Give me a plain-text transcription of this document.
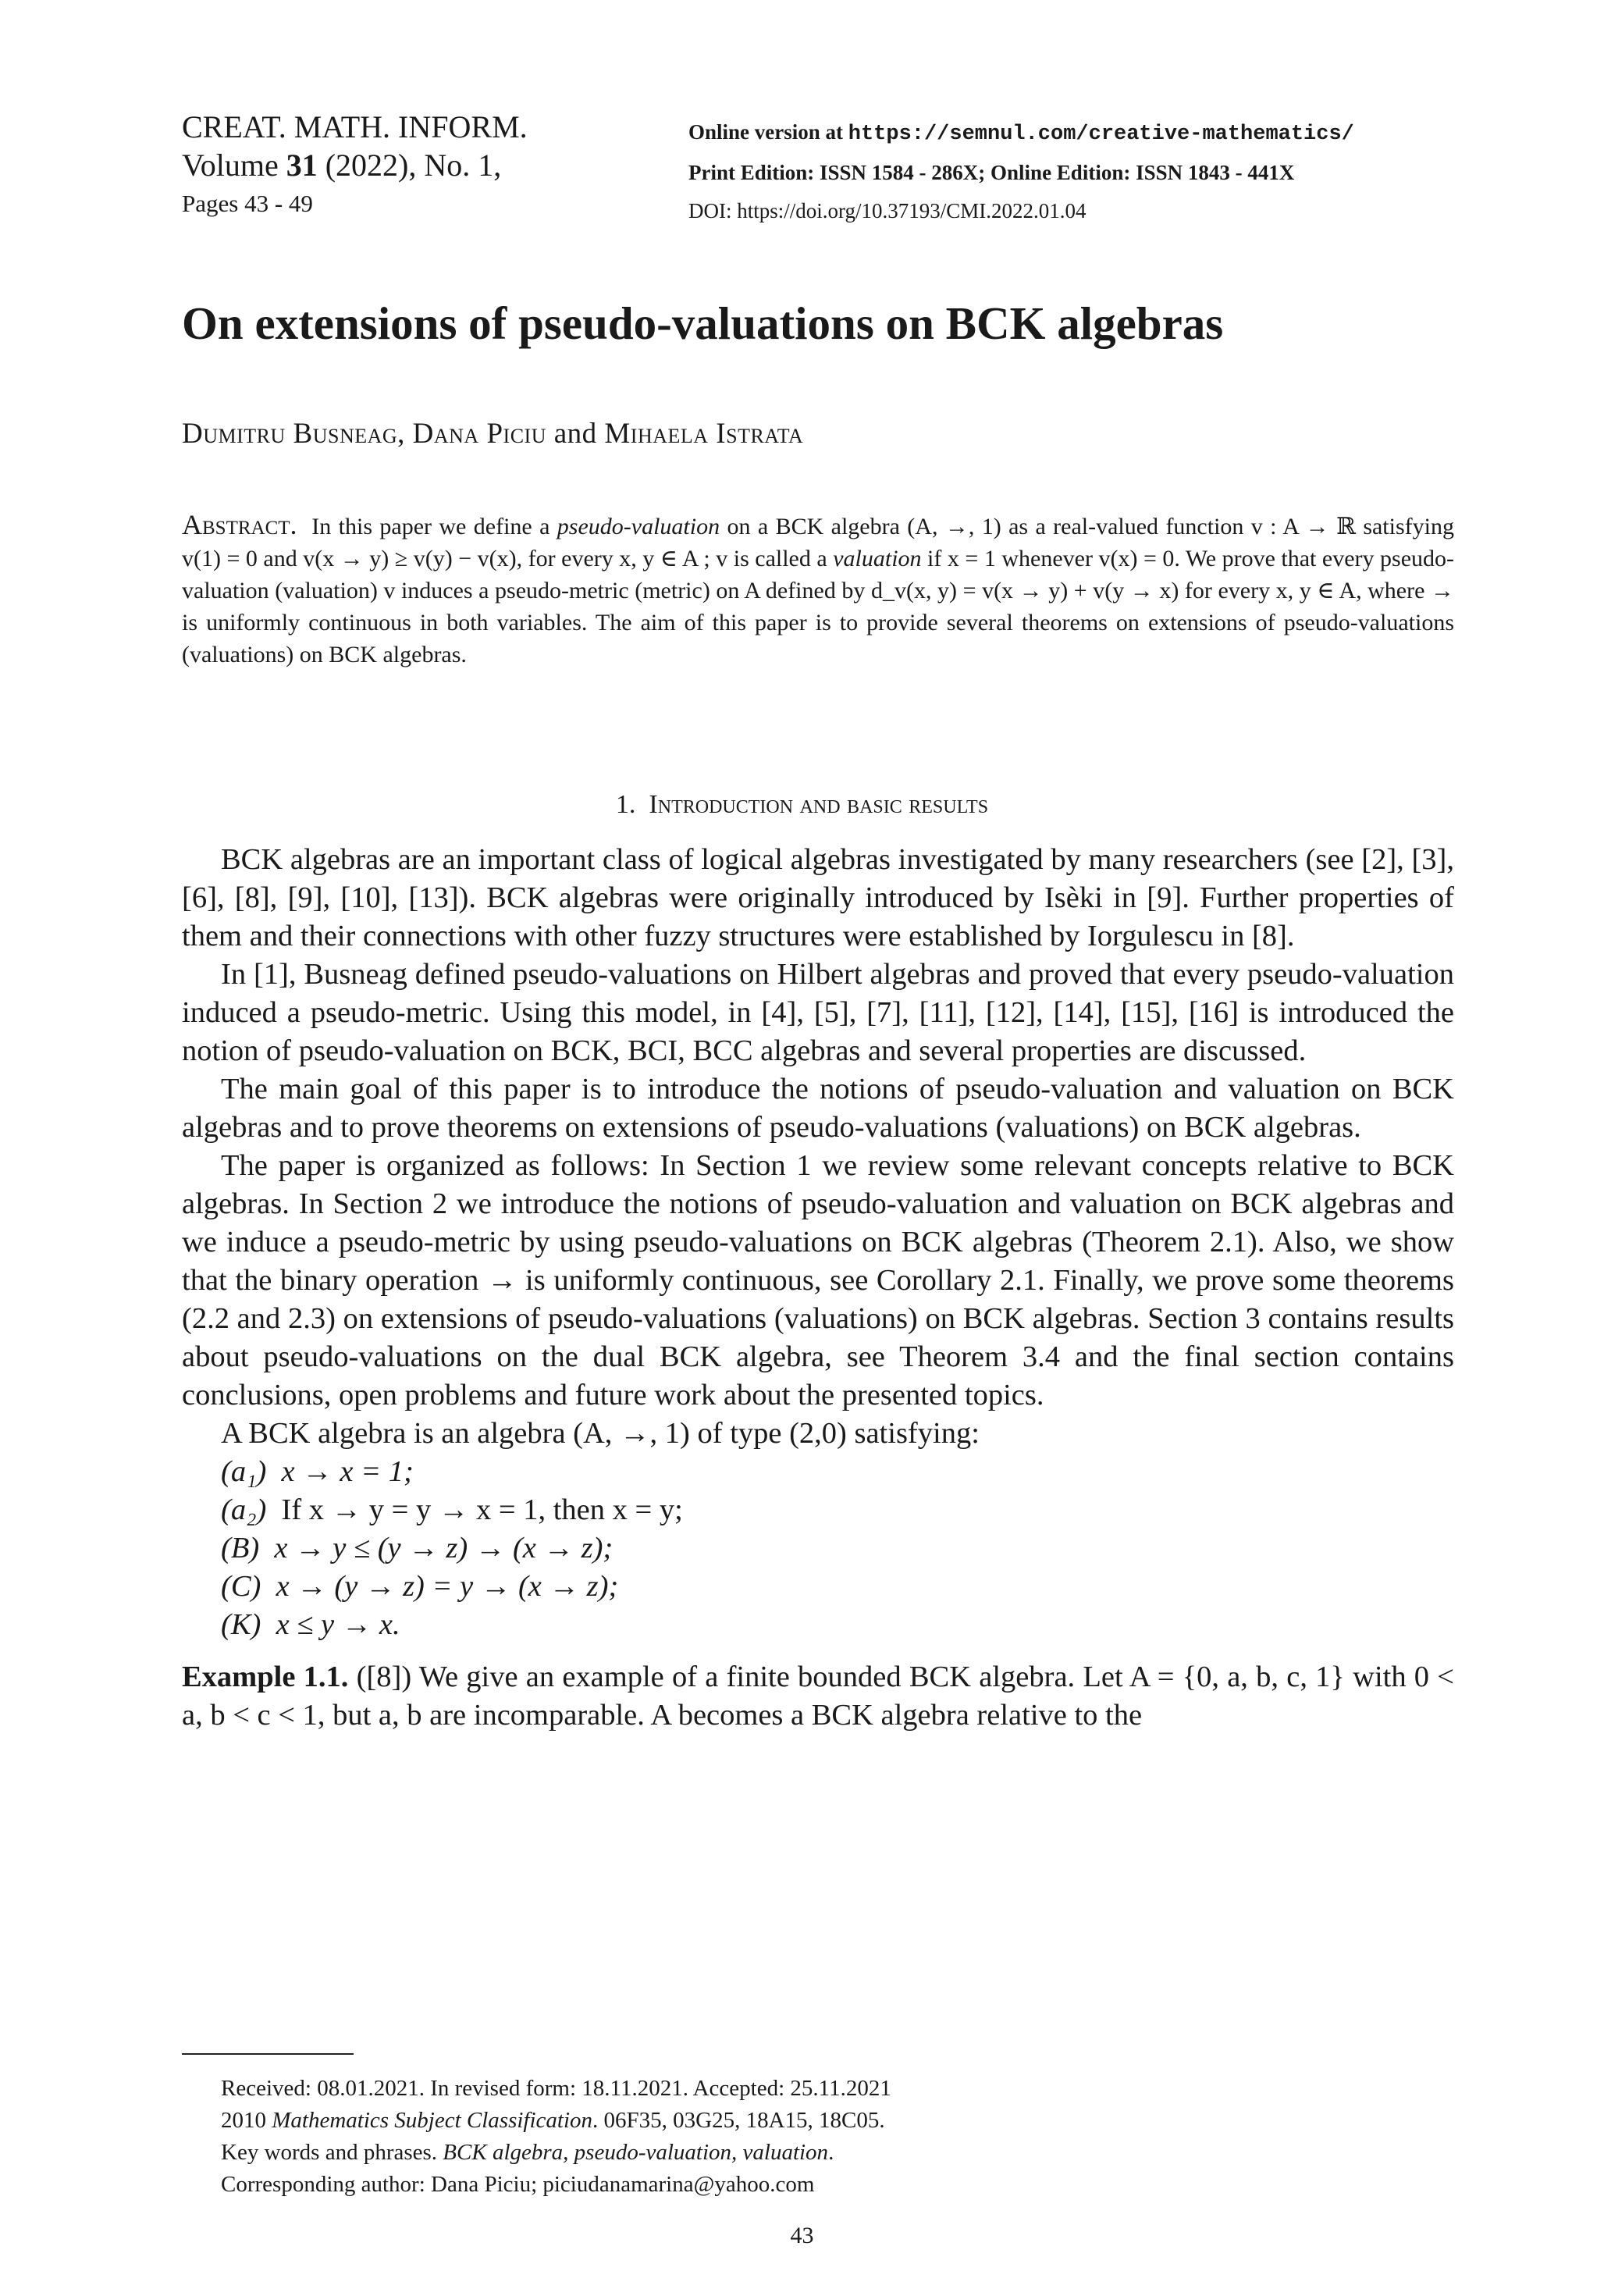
CREAT. MATH. INFORM.
Volume 31 (2022), No. 1,
Pages 43 - 49
Online version at https://semnul.com/creative-mathematics/
Print Edition: ISSN 1584 - 286X; Online Edition: ISSN 1843 - 441X
DOI: https://doi.org/10.37193/CMI.2022.01.04
On extensions of pseudo-valuations on BCK algebras
Dumitru Busneag, Dana Piciu and Mihaela Istrata
Abstract. In this paper we define a pseudo-valuation on a BCK algebra (A, →, 1) as a real-valued function v : A → ℝ satisfying v(1) = 0 and v(x → y) ≥ v(y) − v(x), for every x, y ∈ A ; v is called a valuation if x = 1 whenever v(x) = 0. We prove that every pseudo-valuation (valuation) v induces a pseudo-metric (metric) on A defined by d_v(x, y) = v(x → y) + v(y → x) for every x, y ∈ A, where → is uniformly continuous in both variables. The aim of this paper is to provide several theorems on extensions of pseudo-valuations (valuations) on BCK algebras.
1. Introduction and basic results

BCK algebras are an important class of logical algebras investigated by many researchers (see [2], [3], [6], [8], [9], [10], [13]). BCK algebras were originally introduced by Isèki in [9]. Further properties of them and their connections with other fuzzy structures were established by Iorgulescu in [8].

In [1], Busneag defined pseudo-valuations on Hilbert algebras and proved that every pseudo-valuation induced a pseudo-metric. Using this model, in [4], [5], [7], [11], [12], [14], [15], [16] is introduced the notion of pseudo-valuation on BCK, BCI, BCC algebras and several properties are discussed.

The main goal of this paper is to introduce the notions of pseudo-valuation and valuation on BCK algebras and to prove theorems on extensions of pseudo-valuations (valuations) on BCK algebras.

The paper is organized as follows: In Section 1 we review some relevant concepts relative to BCK algebras. In Section 2 we introduce the notions of pseudo-valuation and valuation on BCK algebras and we induce a pseudo-metric by using pseudo-valuations on BCK algebras (Theorem 2.1). Also, we show that the binary operation → is uniformly continuous, see Corollary 2.1. Finally, we prove some theorems (2.2 and 2.3) on extensions of pseudo-valuations (valuations) on BCK algebras. Section 3 contains results about pseudo-valuations on the dual BCK algebra, see Theorem 3.4 and the final section contains conclusions, open problems and future work about the presented topics.

A BCK algebra is an algebra (A, →, 1) of type (2,0) satisfying:

(a₁) x → x = 1;
(a₂) If x → y = y → x = 1, then x = y;
(B) x → y ≤ (y → z) → (x → z);
(C) x → (y → z) = y → (x → z);
(K) x ≤ y → x.
Example 1.1. ([8]) We give an example of a finite bounded BCK algebra. Let A = {0, a, b, c, 1} with 0 < a, b < c < 1, but a, b are incomparable. A becomes a BCK algebra relative to the
Received: 08.01.2021. In revised form: 18.11.2021. Accepted: 25.11.2021
2010 Mathematics Subject Classification. 06F35, 03G25, 18A15, 18C05.
Key words and phrases. BCK algebra, pseudo-valuation, valuation.
Corresponding author: Dana Piciu; piciudanamarina@yahoo.com
43
